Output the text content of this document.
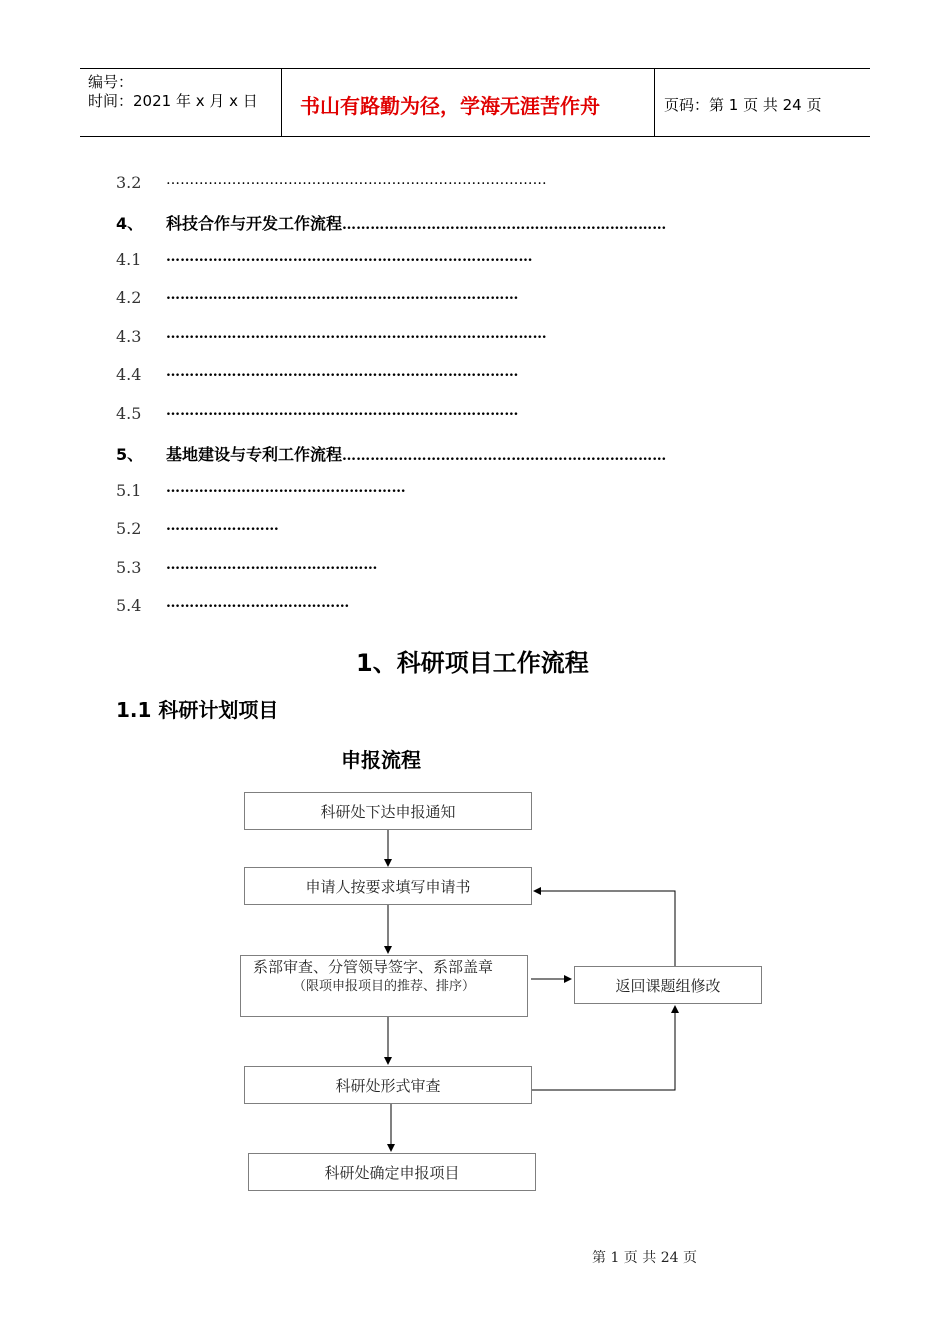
编号：
时间：2021 年 x 月 x 日 书山有路勤为径，学海无涯苦作舟	页码：第 1 页 共 24 页
3.2 ………………………………………………………………………
4、 科技合作与开发工作流程……………………………………………………………
4.1 ……………………………………………………………………
4.2 …………………………………………………………………
4.3 ………………………………………………………………………
4.4 …………………………………………………………………
4.5 …………………………………………………………………
5、 基地建设与专利工作流程……………………………………………………………
5.1 ……………………………………………
5.2 ……………………
5.3 ………………………………………
5.4 …………………………………
1、科研项目工作流程
1.1 科研计划项目
申报流程
科研处下达申报通知
申请人按要求填写申请书
系部审查、分管领导签字、系部盖章
（限项申报项目的推荐、排序）	返回课题组修改
科研处形式审查
科研处确定申报项目
第 1 页 共 24 页
